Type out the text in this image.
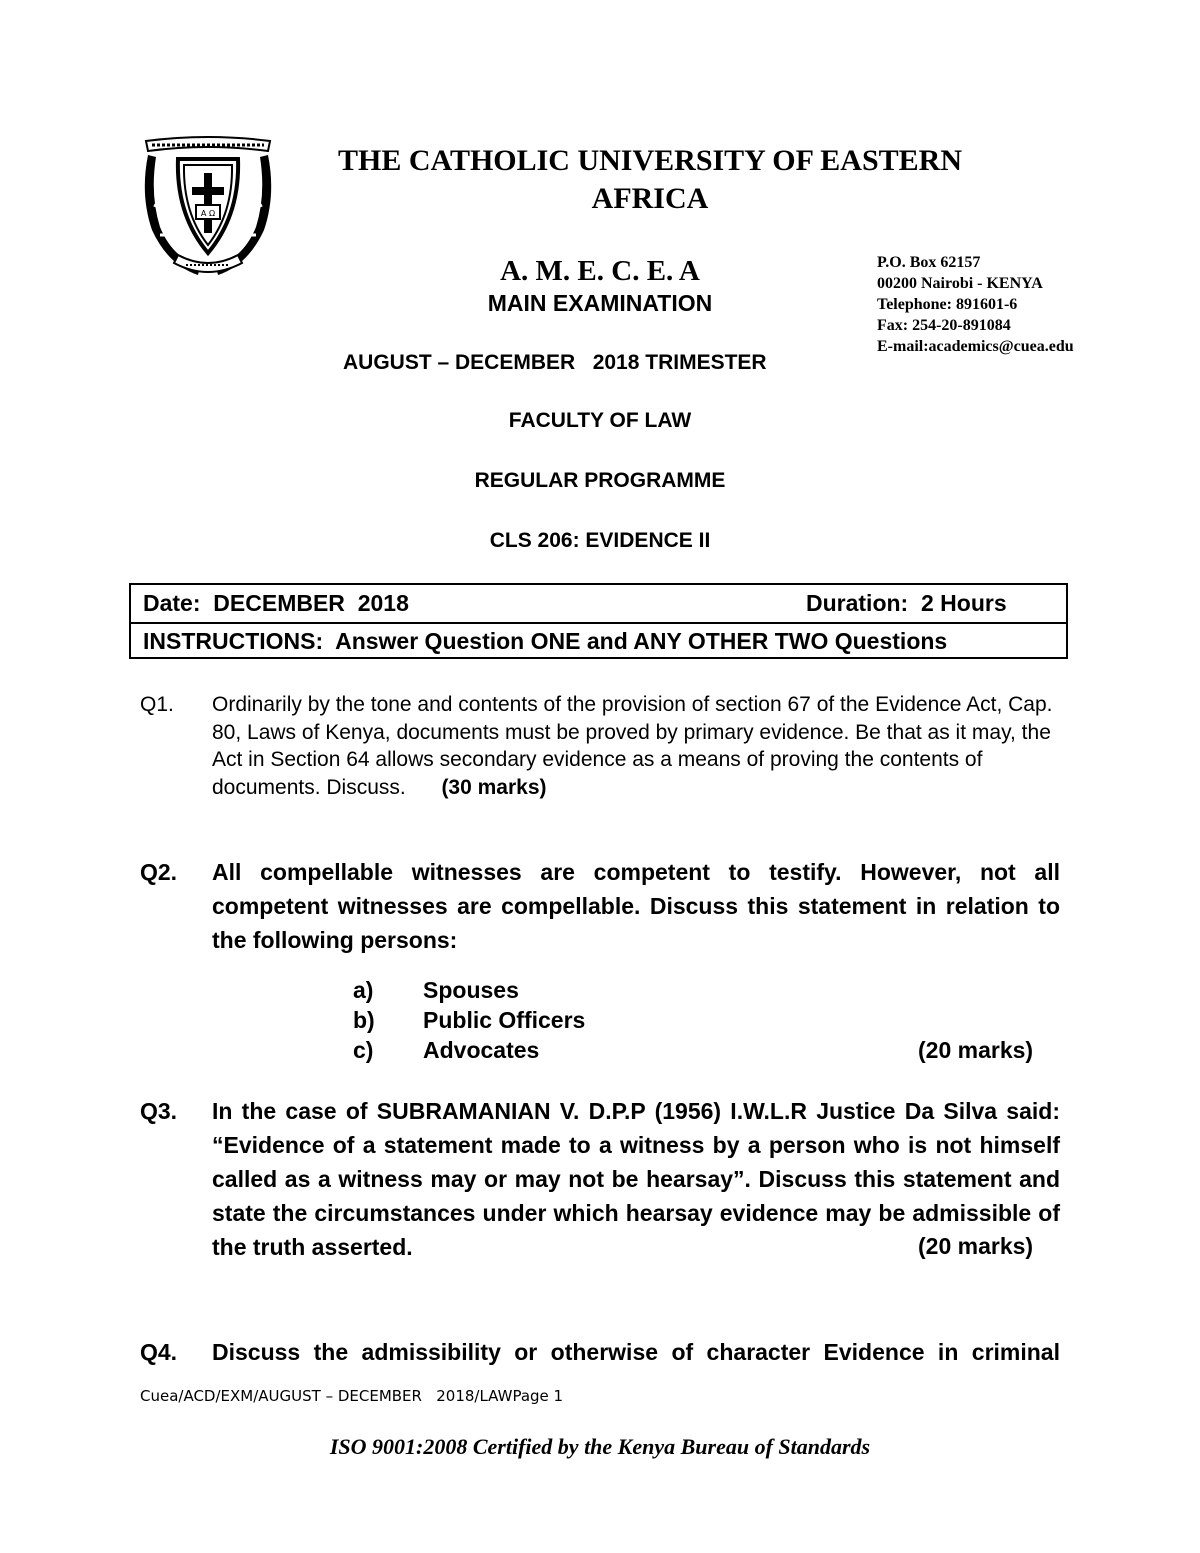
A Ω
THE CATHOLIC UNIVERSITY OF EASTERN AFRICA
A. M. E. C. E. A
MAIN EXAMINATION
P.O. Box 62157
00200 Nairobi - KENYA
Telephone: 891601-6
Fax: 254-20-891084
E-mail:academics@cuea.edu
AUGUST – DECEMBER   2018 TRIMESTER
FACULTY OF LAW
REGULAR PROGRAMME
CLS 206: EVIDENCE II
Date:  DECEMBER  2018	Duration:  2 Hours
INSTRUCTIONS:  Answer Question ONE and ANY OTHER TWO Questions
Q1. Ordinarily by the tone and contents of the provision of section 67 of the Evidence Act, Cap. 80, Laws of Kenya, documents must be proved by primary evidence. Be that as it may, the Act in Section 64 allows secondary evidence as a means of proving the contents of documents. Discuss. (30 marks)
Q2. All compellable witnesses are competent to testify. However, not all competent witnesses are compellable. Discuss this statement in relation to the following persons:
a) Spouses
b) Public Officers
c) Advocates	(20 marks)
Q3. In the case of SUBRAMANIAN V. D.P.P (1956) I.W.L.R Justice Da Silva said: “Evidence of a statement made to a witness by a person who is not himself called as a witness may or may not be hearsay”. Discuss this statement and state the circumstances under which hearsay evidence may be admissible of the truth asserted.	(20 marks)
Q4. Discuss the admissibility or otherwise of character Evidence in criminal
Cuea/ACD/EXM/AUGUST – DECEMBER   2018/LAWPage 1
ISO 9001:2008 Certified by the Kenya Bureau of Standards
